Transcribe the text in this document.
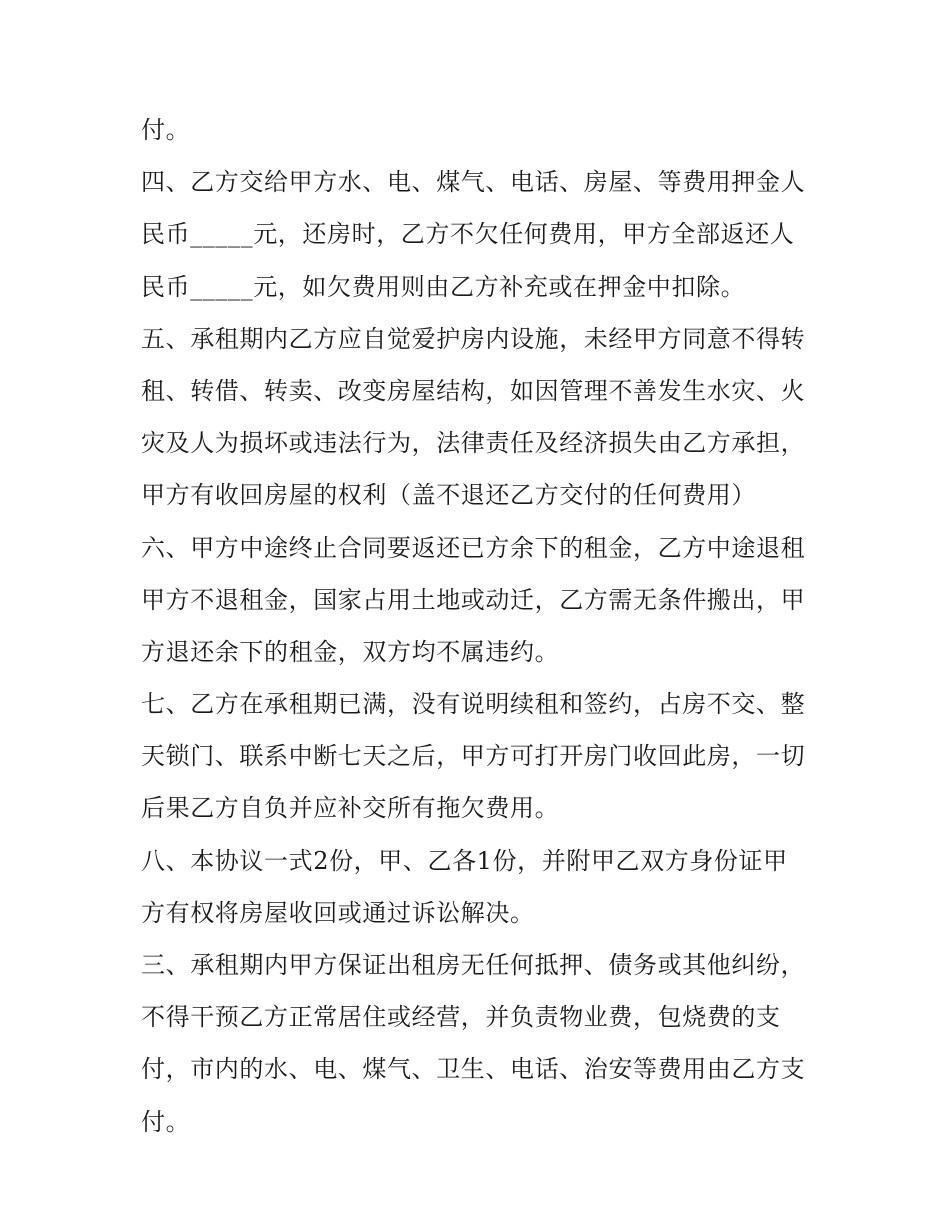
付。
四、乙方交给甲方水、电、煤气、电话、房屋、等费用押金人
民币_____元，还房时，乙方不欠任何费用，甲方全部返还人
民币_____元，如欠费用则由乙方补充或在押金中扣除。
五、承租期内乙方应自觉爱护房内设施，未经甲方同意不得转
租、转借、转卖、改变房屋结构，如因管理不善发生水灾、火
灾及人为损坏或违法行为，法律责任及经济损失由乙方承担，
甲方有收回房屋的权利（盖不退还乙方交付的任何费用）
六、甲方中途终止合同要返还已方余下的租金，乙方中途退租
甲方不退租金，国家占用土地或动迁，乙方需无条件搬出，甲
方退还余下的租金，双方均不属违约。
七、乙方在承租期已满，没有说明续租和签约，占房不交、整
天锁门、联系中断七天之后，甲方可打开房门收回此房，一切
后果乙方自负并应补交所有拖欠费用。
八、本协议一式2份，甲、乙各1份，并附甲乙双方身份证甲
方有权将房屋收回或通过诉讼解决。
三、承租期内甲方保证出租房无任何抵押、债务或其他纠纷，
不得干预乙方正常居住或经营，并负责物业费，包烧费的支
付，市内的水、电、煤气、卫生、电话、治安等费用由乙方支
付。
